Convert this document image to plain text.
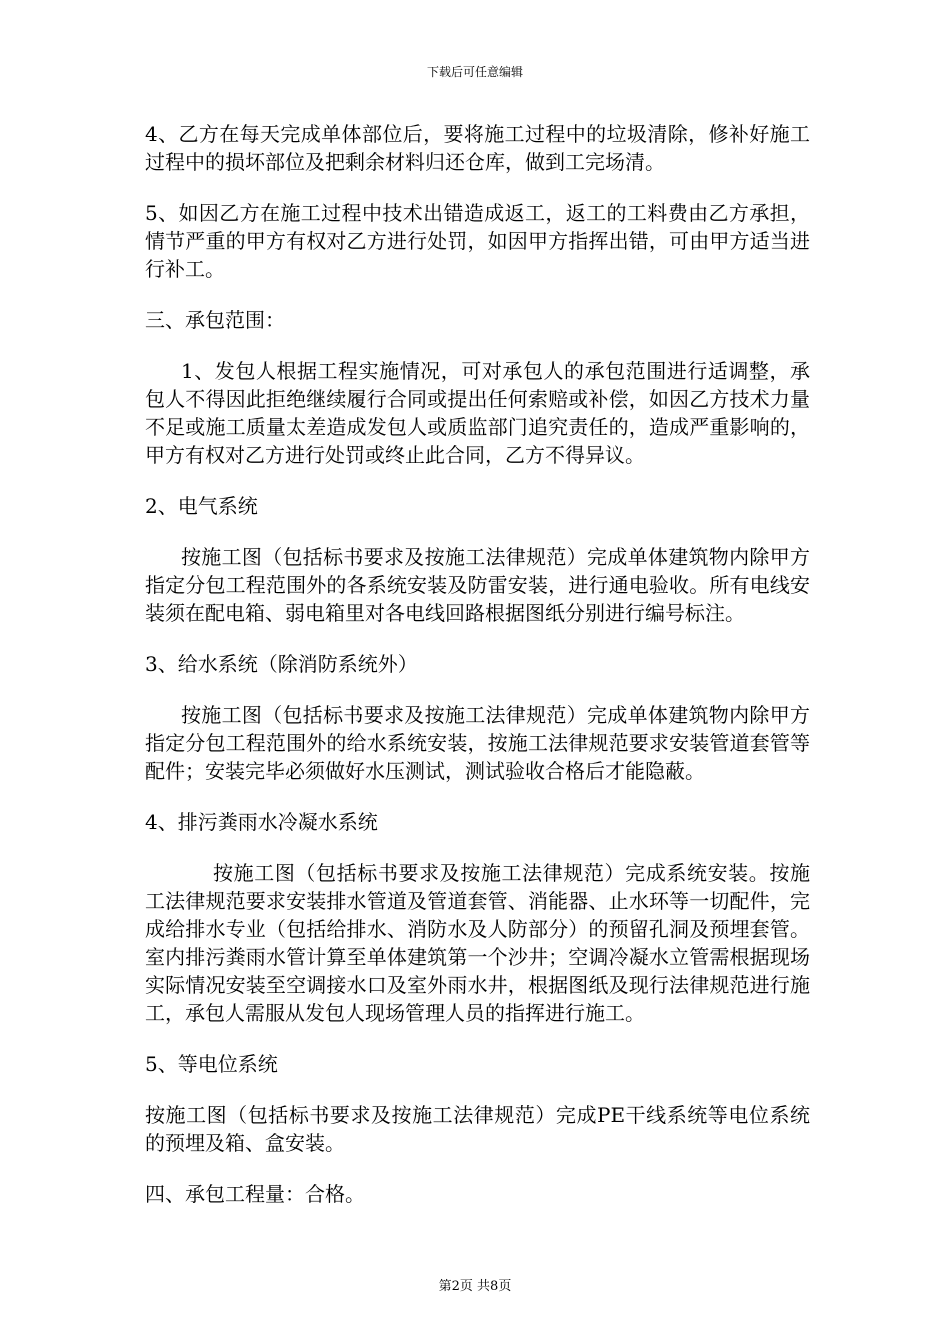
下载后可任意编辑

4、乙方在每天完成单体部位后，要将施工过程中的垃圾清除，修补好施工过程中的损坏部位及把剩余材料归还仓库，做到工完场清。

5、如因乙方在施工过程中技术出错造成返工，返工的工料费由乙方承担，情节严重的甲方有权对乙方进行处罚，如因甲方指挥出错，可由甲方适当进行补工。

三、承包范围：

1、发包人根据工程实施情况，可对承包人的承包范围进行适调整，承包人不得因此拒绝继续履行合同或提出任何索赔或补偿，如因乙方技术力量不足或施工质量太差造成发包人或质监部门追究责任的，造成严重影响的，甲方有权对乙方进行处罚或终止此合同，乙方不得异议。

2、电气系统

按施工图（包括标书要求及按施工法律规范）完成单体建筑物内除甲方指定分包工程范围外的各系统安装及防雷安装，进行通电验收。所有电线安装须在配电箱、弱电箱里对各电线回路根据图纸分别进行编号标注。

3、给水系统（除消防系统外）

按施工图（包括标书要求及按施工法律规范）完成单体建筑物内除甲方指定分包工程范围外的给水系统安装，按施工法律规范要求安装管道套管等配件；安装完毕必须做好水压测试，测试验收合格后才能隐蔽。

4、排污粪雨水冷凝水系统

按施工图（包括标书要求及按施工法律规范）完成系统安装。按施工法律规范要求安装排水管道及管道套管、消能器、止水环等一切配件，完成给排水专业（包括给排水、消防水及人防部分）的预留孔洞及预埋套管。室内排污粪雨水管计算至单体建筑第一个沙井；空调冷凝水立管需根据现场实际情况安装至空调接水口及室外雨水井，根据图纸及现行法律规范进行施工，承包人需服从发包人现场管理人员的指挥进行施工。

5、等电位系统

按施工图（包括标书要求及按施工法律规范）完成PE干线系统等电位系统的预埋及箱、盒安装。

四、承包工程量：合格。

第2页 共8页
